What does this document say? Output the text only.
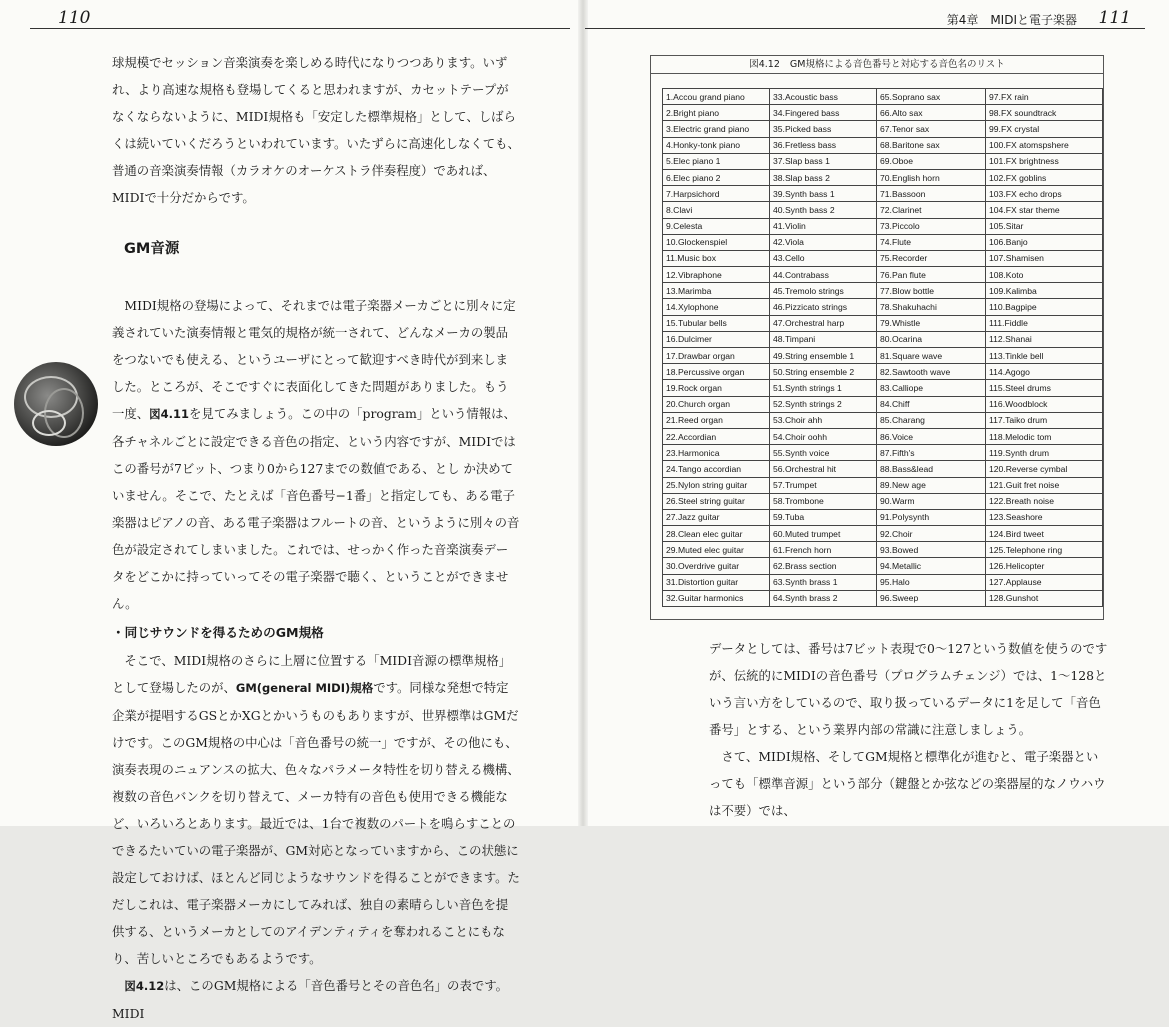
110

球規模でセッション音楽演奏を楽しめる時代になりつつあります。いずれ、より高速な規格も登場してくると思われますが、カセットテープがなくならないように、MIDI規格も「安定した標準規格」として、しばらくは続いていくだろうといわれています。いたずらに高速化しなくても、普通の音楽演奏情報（カラオケのオーケストラ伴奏程度）であれば、MIDIで十分だからです。

GM音源

MIDI規格の登場によって、それまでは電子楽器メーカごとに別々に定義されていた演奏情報と電気的規格が統一されて、どんなメーカの製品をつないでも使える、というユーザにとって歓迎すべき時代が到来しました。ところが、そこですぐに表面化してきた問題がありました。もう一度、図4.11を見てみましょう。この中の「program」という情報は、各チャネルごとに設定できる音色の指定、という内容ですが、MIDIではこの番号が7ビット、つまり0から127までの数値である、とし か決めていません。そこで、たとえば「音色番号−1番」と指定しても、ある電子楽器はピアノの音、ある電子楽器はフルートの音、というように別々の音色が設定されてしまいました。これでは、せっかく作った音楽演奏データをどこかに持っていってその電子楽器で聴く、ということができません。

・同じサウンドを得るためのGM規格

そこで、MIDI規格のさらに上層に位置する「MIDI音源の標準規格」として登場したのが、GM(general MIDI)規格です。同様な発想で特定企業が提唱するGSとかXGとかいうものもありますが、世界標準はGMだけです。このGM規格の中心は「音色番号の統一」ですが、その他にも、演奏表現のニュアンスの拡大、色々なパラメータ特性を切り替える機構、複数の音色バンクを切り替えて、メーカ特有の音色も使用できる機能など、いろいろとあります。最近では、1台で複数のパートを鳴らすことのできるたいていの電子楽器が、GM対応となっていますから、この状態に設定しておけば、ほとんど同じようなサウンドを得ることができます。ただしこれは、電子楽器メーカにしてみれば、独自の素晴らしい音色を提供する、というメーカとしてのアイデンティティを奪われることにもなり、苦しいところでもあるようです。

図4.12は、このGM規格による「音色番号とその音色名」の表です。MIDI

第4章　MIDIと電子楽器 111
図4.12 GM規格による音色番号と対応する音色名のリスト
1.Accou grand piano	33.Acoustic bass	65.Soprano sax	97.FX rain
2.Bright piano	34.Fingered bass	66.Alto sax	98.FX soundtrack
3.Electric grand piano	35.Picked bass	67.Tenor sax	99.FX crystal
4.Honky-tonk piano	36.Fretless bass	68.Baritone sax	100.FX atomspshere
5.Elec piano 1	37.Slap bass 1	69.Oboe	101.FX brightness
6.Elec piano 2	38.Slap bass 2	70.English horn	102.FX goblins
7.Harpsichord	39.Synth bass 1	71.Bassoon	103.FX echo drops
8.Clavi	40.Synth bass 2	72.Clarinet	104.FX star theme
9.Celesta	41.Violin	73.Piccolo	105.Sitar
10.Glockenspiel	42.Viola	74.Flute	106.Banjo
11.Music box	43.Cello	75.Recorder	107.Shamisen
12.Vibraphone	44.Contrabass	76.Pan flute	108.Koto
13.Marimba	45.Tremolo strings	77.Blow bottle	109.Kalimba
14.Xylophone	46.Pizzicato strings	78.Shakuhachi	110.Bagpipe
15.Tubular bells	47.Orchestral harp	79.Whistle	111.Fiddle
16.Dulcimer	48.Timpani	80.Ocarina	112.Shanai
17.Drawbar organ	49.String ensemble 1	81.Square wave	113.Tinkle bell
18.Percussive organ	50.String ensemble 2	82.Sawtooth wave	114.Agogo
19.Rock organ	51.Synth strings 1	83.Calliope	115.Steel drums
20.Church organ	52.Synth strings 2	84.Chiff	116.Woodblock
21.Reed organ	53.Choir ahh	85.Charang	117.Taiko drum
22.Accordian	54.Choir oohh	86.Voice	118.Melodic tom
23.Harmonica	55.Synth voice	87.Fifth's	119.Synth drum
24.Tango accordian	56.Orchestral hit	88.Bass&lead	120.Reverse cymbal
25.Nylon string guitar	57.Trumpet	89.New age	121.Guit fret noise
26.Steel string guitar	58.Trombone	90.Warm	122.Breath noise
27.Jazz guitar	59.Tuba	91.Polysynth	123.Seashore
28.Clean elec guitar	60.Muted trumpet	92.Choir	124.Bird tweet
29.Muted elec guitar	61.French horn	93.Bowed	125.Telephone ring
30.Overdrive guitar	62.Brass section	94.Metallic	126.Helicopter
31.Distortion guitar	63.Synth brass 1	95.Halo	127.Applause
32.Guitar harmonics	64.Synth brass 2	96.Sweep	128.Gunshot

データとしては、番号は7ビット表現で0〜127という数値を使うのですが、伝統的にMIDIの音色番号（プログラムチェンジ）では、1〜128という言い方をしているので、取り扱っているデータに1を足して「音色番号」とする、という業界内部の常識に注意しましょう。

さて、MIDI規格、そしてGM規格と標準化が進むと、電子楽器といっても「標準音源」という部分（鍵盤とか弦などの楽器屋的なノウハウは不要）では、
